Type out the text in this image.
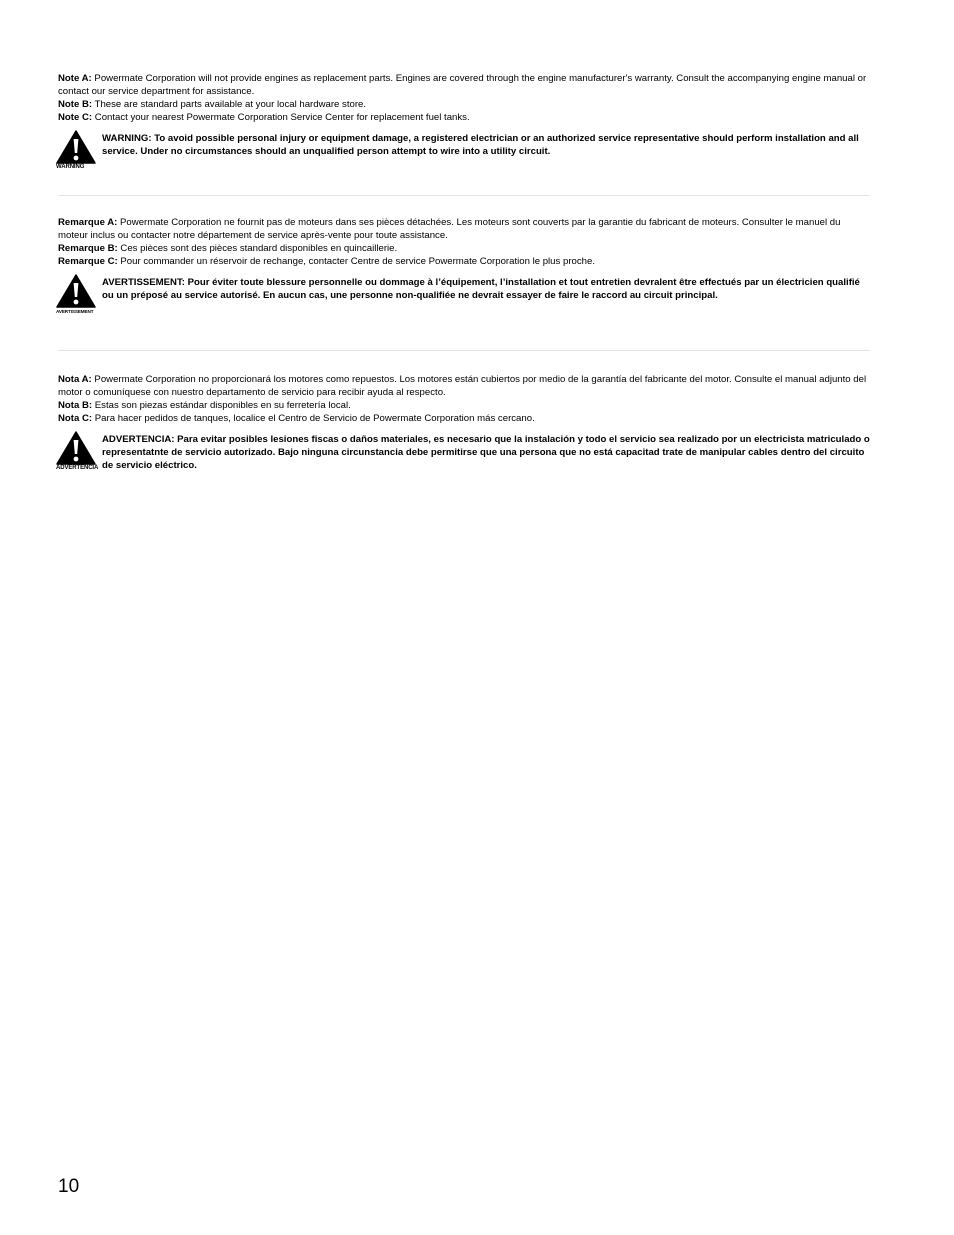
Note A: Powermate Corporation will not provide engines as replacement parts. Engines are covered through the engine manufacturer's warranty. Consult the accompanying engine manual or contact our service department for assistance.

Note B: These are standard parts available at your local hardware store.

Note C: Contact your nearest Powermate Corporation Service Center for replacement fuel tanks.

WARNING
WARNING: To avoid possible personal injury or equipment damage, a registered electrician or an authorized service representative should perform installation and all service. Under no circumstances should an unqualified person attempt to wire into a utility circuit.

Remarque A: Powermate Corporation ne fournit pas de moteurs dans ses pièces détachées. Les moteurs sont couverts par la garantie du fabricant de moteurs. Consulter le manuel du moteur inclus ou contacter notre département de service après-vente pour toute assistance.

Remarque B: Ces pièces sont des pièces standard disponibles en quincaillerie.

Remarque C: Pour commander un réservoir de rechange, contacter Centre de service Powermate Corporation le plus proche.

AVERTISSEMENT
AVERTISSEMENT: Pour éviter toute blessure personnelle ou dommage à l’équipement, l’installation et tout entretien devralent être effectués par un électricien qualifié ou un préposé au service autorisé. En aucun cas, une personne non-qualifiée ne devrait essayer de faire le raccord au circuit principal.

Nota A: Powermate Corporation no proporcionará los motores como repuestos. Los motores están cubiertos por medio de la garantía del fabricante del motor. Consulte el manual adjunto del motor o comuníquese con nuestro departamento de servicio para recibir ayuda al respecto.

Nota B: Estas son piezas estándar disponibles en su ferretería local.

Nota C: Para hacer pedidos de tanques, localice el Centro de Servicio de Powermate Corporation más cercano.

ADVERTENCIA
ADVERTENCIA: Para evitar posibles lesiones fiscas o daños materiales, es necesario que la instalación y todo el servicio sea realizado por un electricista matriculado o representatnte de servicio autorizado. Bajo ninguna circunstancia debe permitirse que una persona que no está capacitad trate de manipular cables dentro del circuito de servicio eléctrico.
10
